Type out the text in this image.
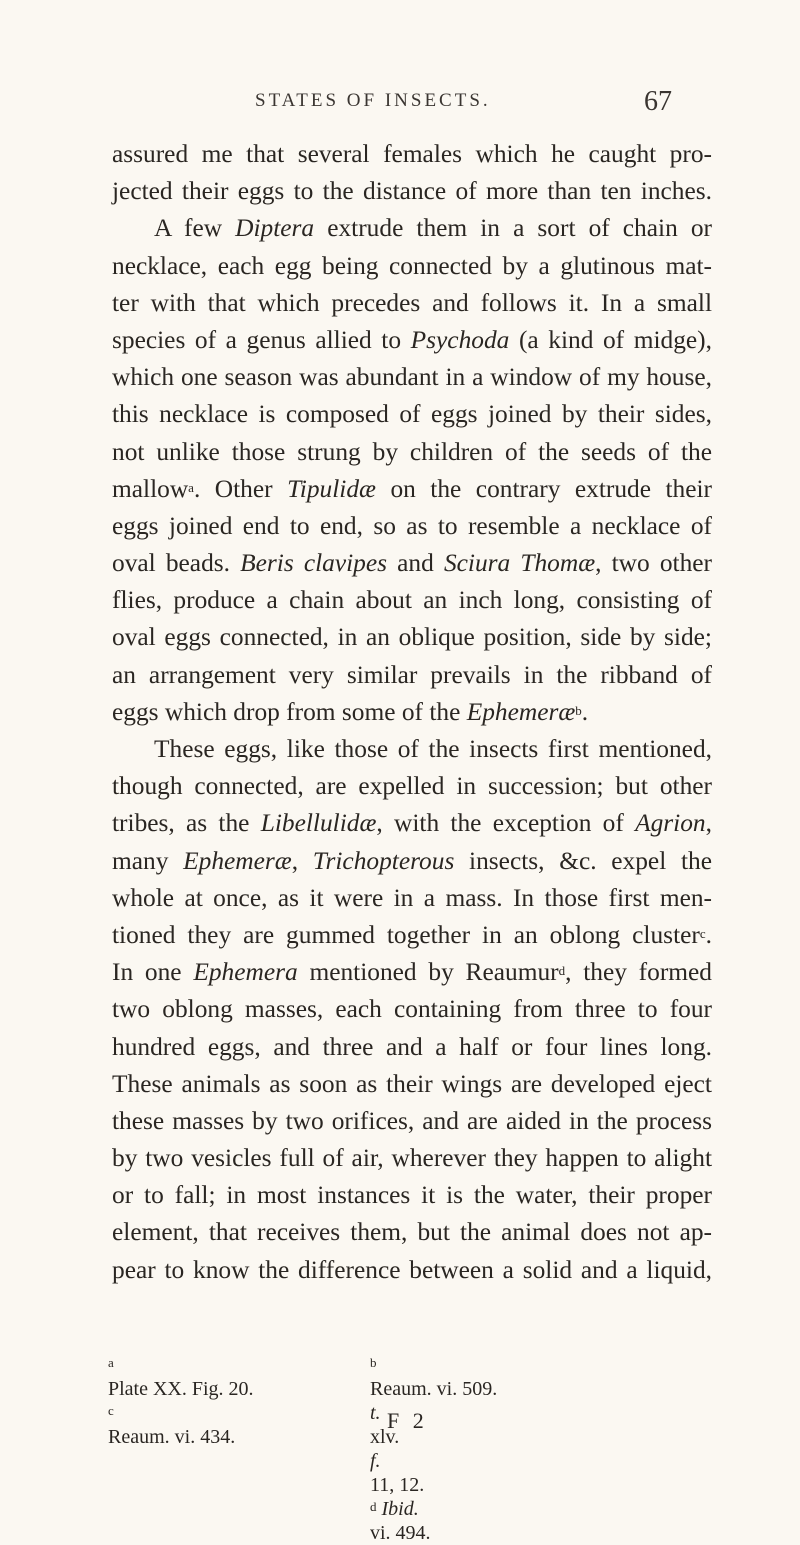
STATES OF INSECTS.	67
assured me that several females which he caught pro-
jected their eggs to the distance of more than ten inches.
A few Diptera extrude them in a sort of chain or
necklace, each egg being connected by a glutinous mat-
ter with that which precedes and follows it. In a small
species of a genus allied to Psychoda (a kind of midge),
which one season was abundant in a window of my house,
this necklace is composed of eggs joined by their sides,
not unlike those strung by children of the seeds of the
mallow$^a$. Other Tipulidæ on the contrary extrude their
eggs joined end to end, so as to resemble a necklace of
oval beads. Beris clavipes and Sciura Thomæ, two other
flies, produce a chain about an inch long, consisting of
oval eggs connected, in an oblique position, side by side;
an arrangement very similar prevails in the ribband of
eggs which drop from some of the Ephemeræ$^b$.
These eggs, like those of the insects first mentioned,
though connected, are expelled in succession; but other
tribes, as the Libellulidæ, with the exception of Agrion,
many Ephemeræ, Trichopterous insects, &c. expel the
whole at once, as it were in a mass. In those first men-
tioned they are gummed together in an oblong cluster$^c$.
In one Ephemera mentioned by Reaumur$^d$, they formed
two oblong masses, each containing from three to four
hundred eggs, and three and a half or four lines long.
These animals as soon as their wings are developed eject
these masses by two orifices, and are aided in the process
by two vesicles full of air, wherever they happen to alight
or to fall; in most instances it is the water, their proper
element, that receives them, but the animal does not ap-
pear to know the difference between a solid and a liquid,
$^a$
Plate XX. Fig. 20.
$^c$
Reaum. vi. 434.
$^b$
Reaum. vi. 509.
t.
xlv.
f.
11, 12.
$^d$ Ibid.
vi. 494.
F 2
